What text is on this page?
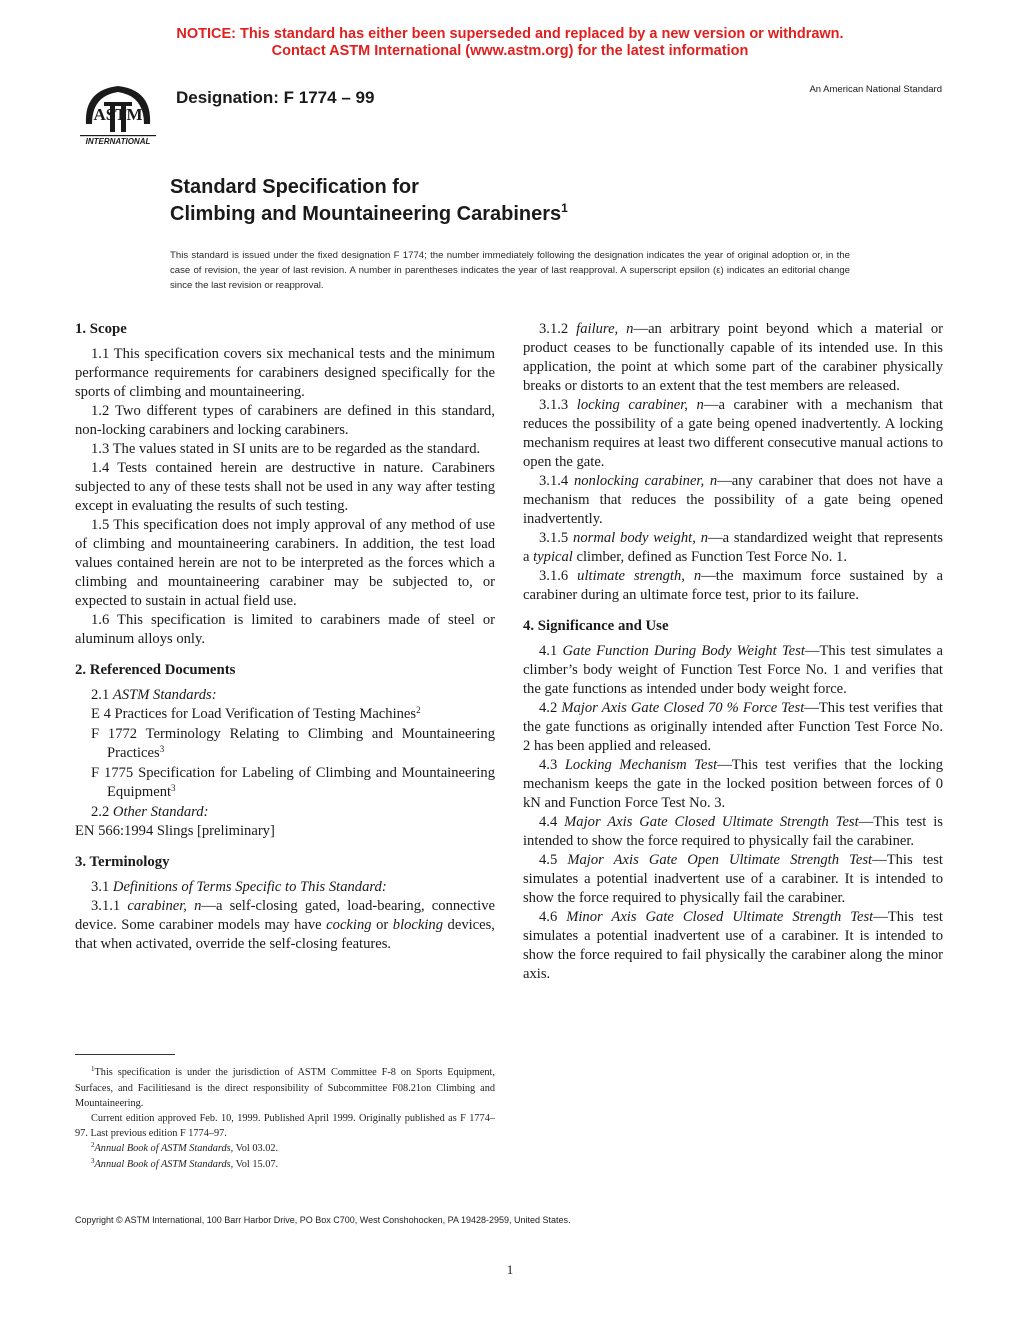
NOTICE: This standard has either been superseded and replaced by a new version or withdrawn.
Contact ASTM International (www.astm.org) for the latest information
ASTM
INTERNATIONAL
Designation: F 1774 – 99	An American National Standard
Standard Specification for
Climbing and Mountaineering Carabiners$^1$
This standard is issued under the fixed designation F 1774; the number immediately following the designation indicates the year of original adoption or, in the case of revision, the year of last revision. A number in parentheses indicates the year of last reapproval. A superscript epsilon (ε) indicates an editorial change since the last revision or reapproval.
1. Scope

1.1 This specification covers six mechanical tests and the minimum performance requirements for carabiners designed specifically for the sports of climbing and mountaineering.

1.2 Two different types of carabiners are defined in this standard, non-locking carabiners and locking carabiners.

1.3 The values stated in SI units are to be regarded as the standard.

1.4 Tests contained herein are destructive in nature. Carabiners subjected to any of these tests shall not be used in any way after testing except in evaluating the results of such testing.

1.5 This specification does not imply approval of any method of use of climbing and mountaineering carabiners. In addition, the test load values contained herein are not to be interpreted as the forces which a climbing and mountaineering carabiner may be subjected to, or expected to sustain in actual field use.

1.6 This specification is limited to carabiners made of steel or aluminum alloys only.

2. Referenced Documents

2.1 ASTM Standards:

E 4 Practices for Load Verification of Testing Machines$^2$

F 1772 Terminology Relating to Climbing and Mountaineering Practices$^3$

F 1775 Specification for Labeling of Climbing and Mountaineering Equipment$^3$

2.2 Other Standard:

EN 566:1994 Slings [preliminary]

3. Terminology

3.1 Definitions of Terms Specific to This Standard:

3.1.1 carabiner, n—a self-closing gated, load-bearing, connective device. Some carabiner models may have cocking or blocking devices, that when activated, override the self-closing features.

3.1.2 failure, n—an arbitrary point beyond which a material or product ceases to be functionally capable of its intended use. In this application, the point at which some part of the carabiner physically breaks or distorts to an extent that the test members are released.

3.1.3 locking carabiner, n—a carabiner with a mechanism that reduces the possibility of a gate being opened inadvertently. A locking mechanism requires at least two different consecutive manual actions to open the gate.

3.1.4 nonlocking carabiner, n—any carabiner that does not have a mechanism that reduces the possibility of a gate being opened inadvertently.

3.1.5 normal body weight, n—a standardized weight that represents a typical climber, defined as Function Test Force No. 1.

3.1.6 ultimate strength, n—the maximum force sustained by a carabiner during an ultimate force test, prior to its failure.

4. Significance and Use

4.1 Gate Function During Body Weight Test—This test simulates a climber’s body weight of Function Test Force No. 1 and verifies that the gate functions as intended under body weight force.

4.2 Major Axis Gate Closed 70 % Force Test—This test verifies that the gate functions as originally intended after Function Test Force No. 2 has been applied and released.

4.3 Locking Mechanism Test—This test verifies that the locking mechanism keeps the gate in the locked position between forces of 0 kN and Function Force Test No. 3.

4.4 Major Axis Gate Closed Ultimate Strength Test—This test is intended to show the force required to physically fail the carabiner.

4.5 Major Axis Gate Open Ultimate Strength Test—This test simulates a potential inadvertent use of a carabiner. It is intended to show the force required to physically fail the carabiner.

4.6 Minor Axis Gate Closed Ultimate Strength Test—This test simulates a potential inadvertent use of a carabiner. It is intended to show the force required to fail physically the carabiner along the minor axis.

$^1$This specification is under the jurisdiction of ASTM Committee F-8 on Sports Equipment, Surfaces, and Facilitiesand is the direct responsibility of Subcommittee F08.21on Climbing and Mountaineering.

Current edition approved Feb. 10, 1999. Published April 1999. Originally published as F 1774–97. Last previous edition F 1774–97.

$^2$Annual Book of ASTM Standards, Vol 03.02.

$^3$Annual Book of ASTM Standards, Vol 15.07.

Copyright © ASTM International, 100 Barr Harbor Drive, PO Box C700, West Conshohocken, PA 19428-2959, United States.
1
